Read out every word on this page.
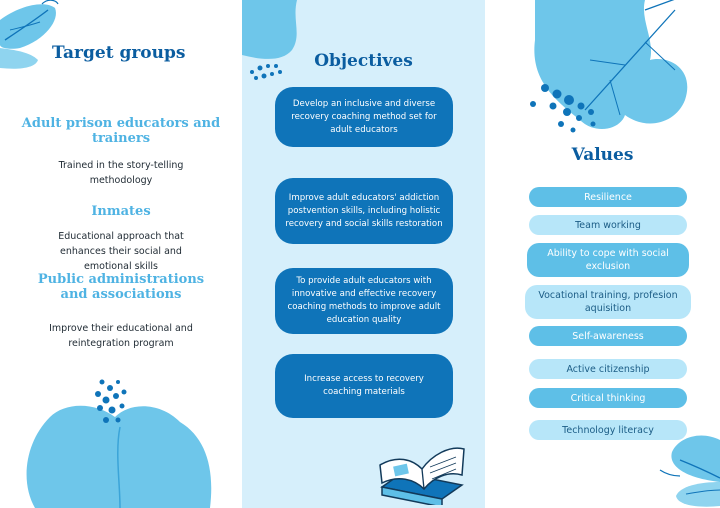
Target groups
Adult prison educators and trainers
Trained in the story-telling methodology
Inmates
Educational approach that enhances their social and emotional skills
Public administrations and associations
Improve their educational and reintegration program
Objectives
Develop an inclusive and diverse recovery coaching method set for adult educators
Improve adult educators' addiction postvention skills, including holistic recovery and social skills restoration
To provide adult educators with innovative and effective recovery coaching methods to improve adult education quality
Increase access to recovery coaching materials
Values
Resilience
Team working
Ability to cope with social exclusion
Vocational training, profesion aquisition
Self-awareness
Active citizenship
Critical thinking
Technology literacy
